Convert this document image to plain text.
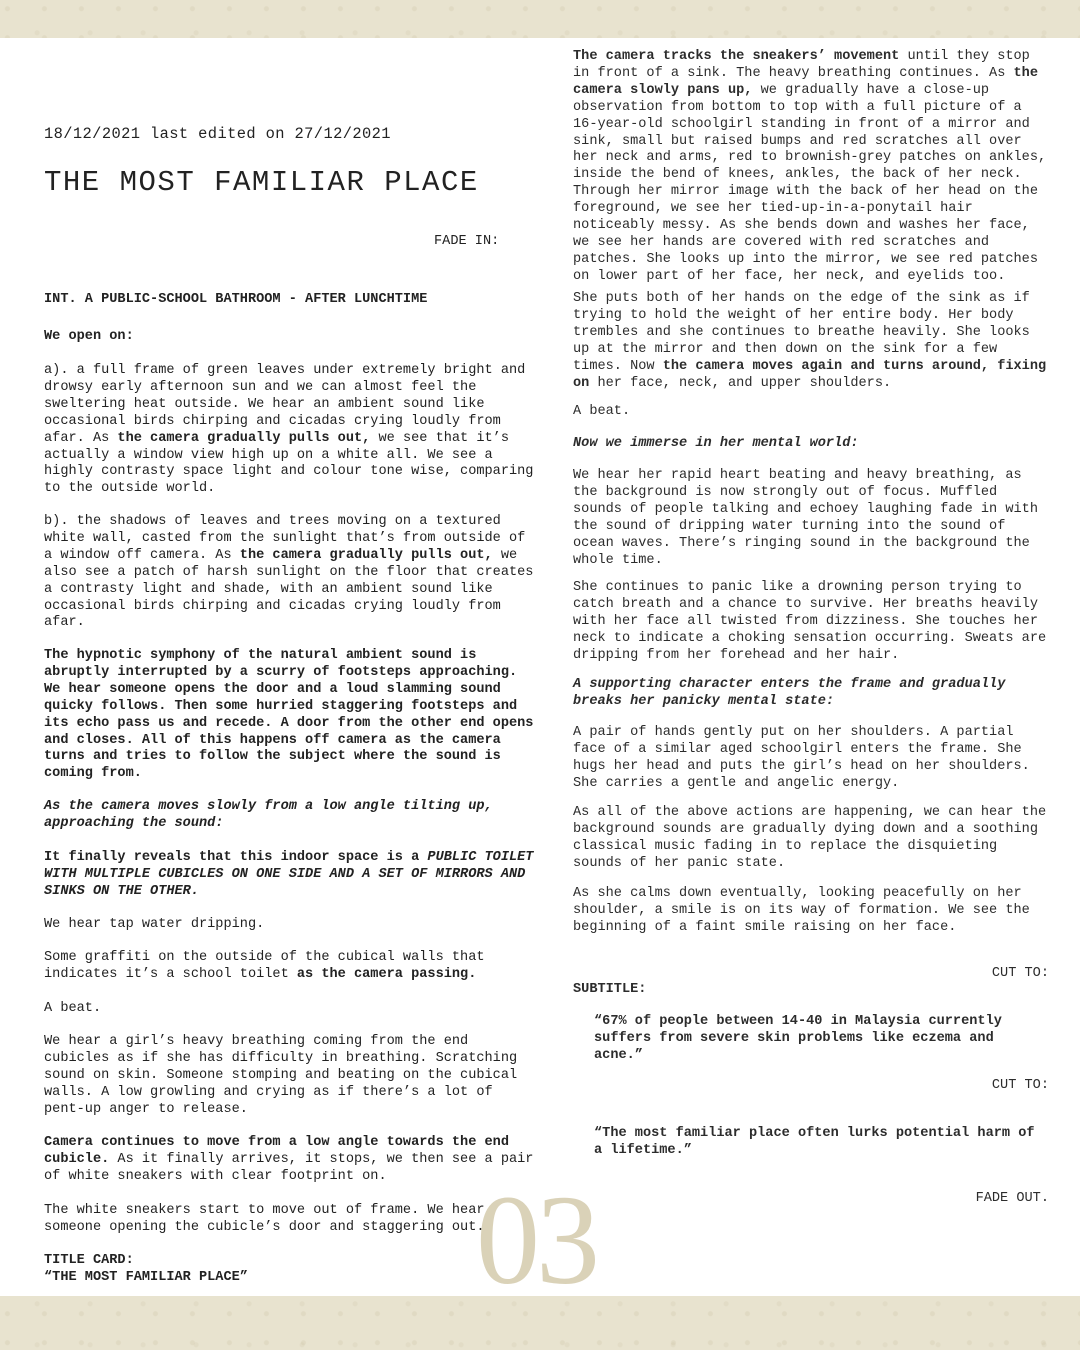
18/12/2021 last edited on 27/12/2021
THE MOST FAMILIAR PLACE
FADE IN:

INT. A PUBLIC-SCHOOL BATHROOM - AFTER LUNCHTIME

We open on:

a). a full frame of green leaves under extremely bright and drowsy early afternoon sun and we can almost feel the sweltering heat outside. We hear an ambient sound like occasional birds chirping and cicadas crying loudly from afar. As the camera gradually pulls out, we see that it’s actually a window view high up on a white all. We see a highly contrasty space light and colour tone wise, comparing to the outside world.

b). the shadows of leaves and trees moving on a textured white wall, casted from the sunlight that’s from outside of a window off camera. As the camera gradually pulls out, we also see a patch of harsh sunlight on the floor that creates a contrasty light and shade, with an ambient sound like occasional birds chirping and cicadas crying loudly from afar.

The hypnotic symphony of the natural ambient sound is abruptly interrupted by a scurry of footsteps approaching. We hear someone opens the door and a loud slamming sound quicky follows. Then some hurried staggering footsteps and its echo pass us and recede. A door from the other end opens and closes. All of this happens off camera as the camera turns and tries to follow the subject where the sound is coming from.

As the camera moves slowly from a low angle tilting up, approaching the sound:

It finally reveals that this indoor space is a PUBLIC TOILET WITH MULTIPLE CUBICLES ON ONE SIDE AND A SET OF MIRRORS AND SINKS ON THE OTHER.

We hear tap water dripping.

Some graffiti on the outside of the cubical walls that indicates it’s a school toilet as the camera passing.

A beat.

We hear a girl’s heavy breathing coming from the end cubicles as if she has difficulty in breathing. Scratching sound on skin. Someone stomping and beating on the cubical walls. A low growling and crying as if there’s a lot of pent-up anger to release.

Camera continues to move from a low angle towards the end cubicle. As it finally arrives, it stops, we then see a pair of white sneakers with clear footprint on.

The white sneakers start to move out of frame. We hear someone opening the cubicle’s door and staggering out.

TITLE CARD:

“THE MOST FAMILIAR PLACE”

The camera tracks the sneakers’ movement until they stop in front of a sink. The heavy breathing continues. As the camera slowly pans up, we gradually have a close-up observation from bottom to top with a full picture of a 16-year-old schoolgirl standing in front of a mirror and sink, small but raised bumps and red scratches all over her neck and arms, red to brownish-grey patches on ankles, inside the bend of knees, ankles, the back of her neck. Through her mirror image with the back of her head on the foreground, we see her tied-up-in-a-ponytail hair noticeably messy. As she bends down and washes her face, we see her hands are covered with red scratches and patches. She looks up into the mirror, we see red patches on lower part of her face, her neck, and eyelids too.

She puts both of her hands on the edge of the sink as if trying to hold the weight of her entire body. Her body trembles and she continues to breathe heavily. She looks up at the mirror and then down on the sink for a few times. Now the camera moves again and turns around, fixing on her face, neck, and upper shoulders.

A beat.

Now we immerse in her mental world:

We hear her rapid heart beating and heavy breathing, as the background is now strongly out of focus. Muffled sounds of people talking and echoey laughing fade in with the sound of dripping water turning into the sound of ocean waves. There’s ringing sound in the background the whole time.

She continues to panic like a drowning person trying to catch breath and a chance to survive. Her breaths heavily with her face all twisted from dizziness. She touches her neck to indicate a choking sensation occurring. Sweats are dripping from her forehead and her hair.

A supporting character enters the frame and gradually breaks her panicky mental state:

A pair of hands gently put on her shoulders. A partial face of a similar aged schoolgirl enters the frame. She hugs her head and puts the girl’s head on her shoulders. She carries a gentle and angelic energy.

As all of the above actions are happening, we can hear the background sounds are gradually dying down and a soothing classical music fading in to replace the disquieting sounds of her panic state.

As she calms down eventually, looking peacefully on her shoulder, a smile is on its way of formation. We see the beginning of a faint smile raising on her face.

CUT TO:

SUBTITLE:

“67% of people between 14-40 in Malaysia currently suffers from severe skin problems like eczema and acne.”

CUT TO:

“The most familiar place often lurks potential harm of a lifetime.”

FADE OUT.

03
